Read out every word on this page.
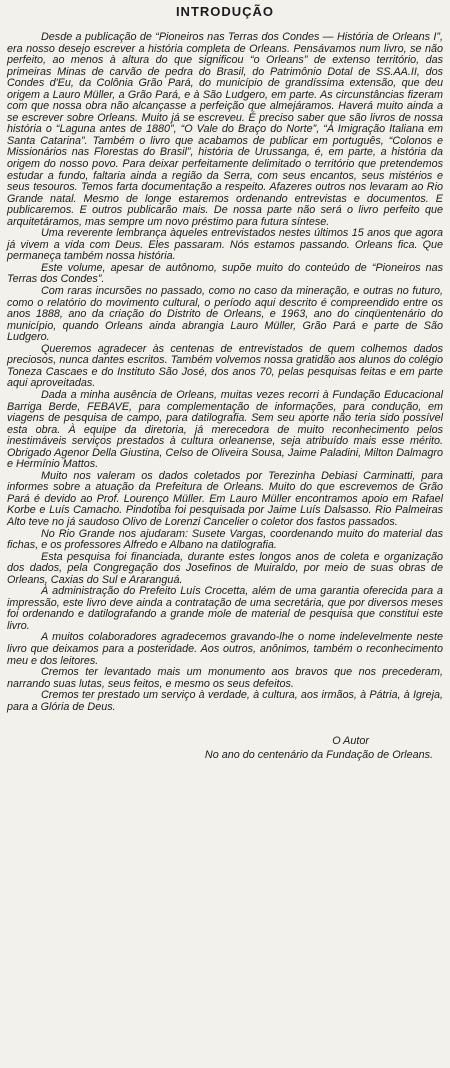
INTRODUÇÃO

Desde a publicação de “Pioneiros nas Terras dos Condes — História de Orleans I”, era nosso desejo escrever a história completa de Orleans. Pensávamos num livro, se não perfeito, ao menos à altura do que significou “o Orleans” de extenso território, das primeiras Minas de carvão de pedra do Brasil, do Patrimônio Dotal de SS.AA.II, dos Condes d'Eu, da Colônia Grão Pará, do município de grandíssima extensão, que deu origem a Lauro Müller, a Grão Pará, e à São Ludgero, em parte. As circunstâncias fizeram com que nossa obra não alcançasse a perfeição que almejáramos. Haverá muito ainda a se escrever sobre Orleans. Muito já se escreveu. É preciso saber que são livros de nossa história o “Laguna antes de 1880”, “O Vale do Braço do Norte”, “A Imigração Italiana em Santa Catarina”. Também o livro que acabamos de publicar em português, “Colonos e Missionários nas Florestas do Brasil”, história de Urussanga, é, em parte, a história da origem do nosso povo. Para deixar perfeitamente delimitado o território que pretendemos estudar a fundo, faltaria ainda a região da Serra, com seus encantos, seus mistérios e seus tesouros. Temos farta documentação a respeito. Afazeres outros nos levaram ao Rio Grande natal. Mesmo de longe estaremos ordenando entrevistas e documentos. E publicaremos. E outros publicarão mais. De nossa parte não será o livro perfeito que arquitetáramos, mas sempre um novo préstimo para futura síntese.

Uma reverente lembrança àqueles entrevistados nestes últimos 15 anos que agora já vivem a vida com Deus. Eles passaram. Nós estamos passando. Orleans fica. Que permaneça também nossa história.

Este volume, apesar de autônomo, supõe muito do conteúdo de “Pioneiros nas Terras dos Condes”.

Com raras incursões no passado, como no caso da mineração, e outras no futuro, como o relatório do movimento cultural, o período aqui descrito é compreendido entre os anos 1888, ano da criação do Distrito de Orleans, e 1963, ano do cinqüentenário do município, quando Orleans ainda abrangia Lauro Müller, Grão Pará e parte de São Ludgero.

Queremos agradecer às centenas de entrevistados de quem colhemos dados preciosos, nunca dantes escritos. Também volvemos nossa gratidão aos alunos do colégio Toneza Cascaes e do Instituto São José, dos anos 70, pelas pesquisas feitas e em parte aqui aproveitadas.

Dada a minha ausência de Orleans, muitas vezes recorri à Fundação Educacional Barriga Berde, FEBAVE, para complementação de informações, para condução, em viagens de pesquisa de campo, para datilografia. Sem seu aporte não teria sido possível esta obra. À equipe da diretoria, já merecedora de muito reconhecimento pelos inestimáveis serviços prestados à cultura orleanense, seja atribuído mais esse mérito. Obrigado Agenor Della Giustina, Celso de Oliveira Sousa, Jaime Paladini, Milton Dalmagro e Hermínio Mattos.

Muito nos valeram os dados coletados por Terezinha Debiasi Carminatti, para informes sobre a atuação da Prefeitura de Orleans. Muito do que escrevemos de Grão Pará é devido ao Prof. Lourenço Müller. Em Lauro Müller encontramos apoio em Rafael Korbe e Luís Camacho. Pindotiba foi pesquisada por Jaime Luís Dalsasso. Rio Palmeiras Alto teve no já saudoso Olivo de Lorenzi Cancelier o coletor dos fastos passados.

No Rio Grande nos ajudaram: Susete Vargas, coordenando muito do material das fichas, e os professores Alfredo e Albano na datilografia.

Esta pesquisa foi financiada, durante estes longos anos de coleta e organização dos dados, pela Congregação dos Josefinos de Muiraldo, por meio de suas obras de Orleans, Caxias do Sul e Araranguá.

À administração do Prefeito Luís Crocetta, além de uma garantia oferecida para a impressão, este livro deve ainda a contratação de uma secretária, que por diversos meses foi ordenando e datilografando a grande mole de material de pesquisa que constitui este livro.

A muitos colaboradores agradecemos gravando-lhe o nome indelevelmente neste livro que deixamos para a posteridade. Aos outros, anônimos, também o reconhecimento meu e dos leitores.

Cremos ter levantado mais um monumento aos bravos que nos precederam, narrando suas lutas, seus feitos, e mesmo os seus defeitos.

Cremos ter prestado um serviço à verdade, à cultura, aos irmãos, à Pátria, à Igreja, para a Glória de Deus.

O Autor
No ano do centenário da Fundação de Orleans.
